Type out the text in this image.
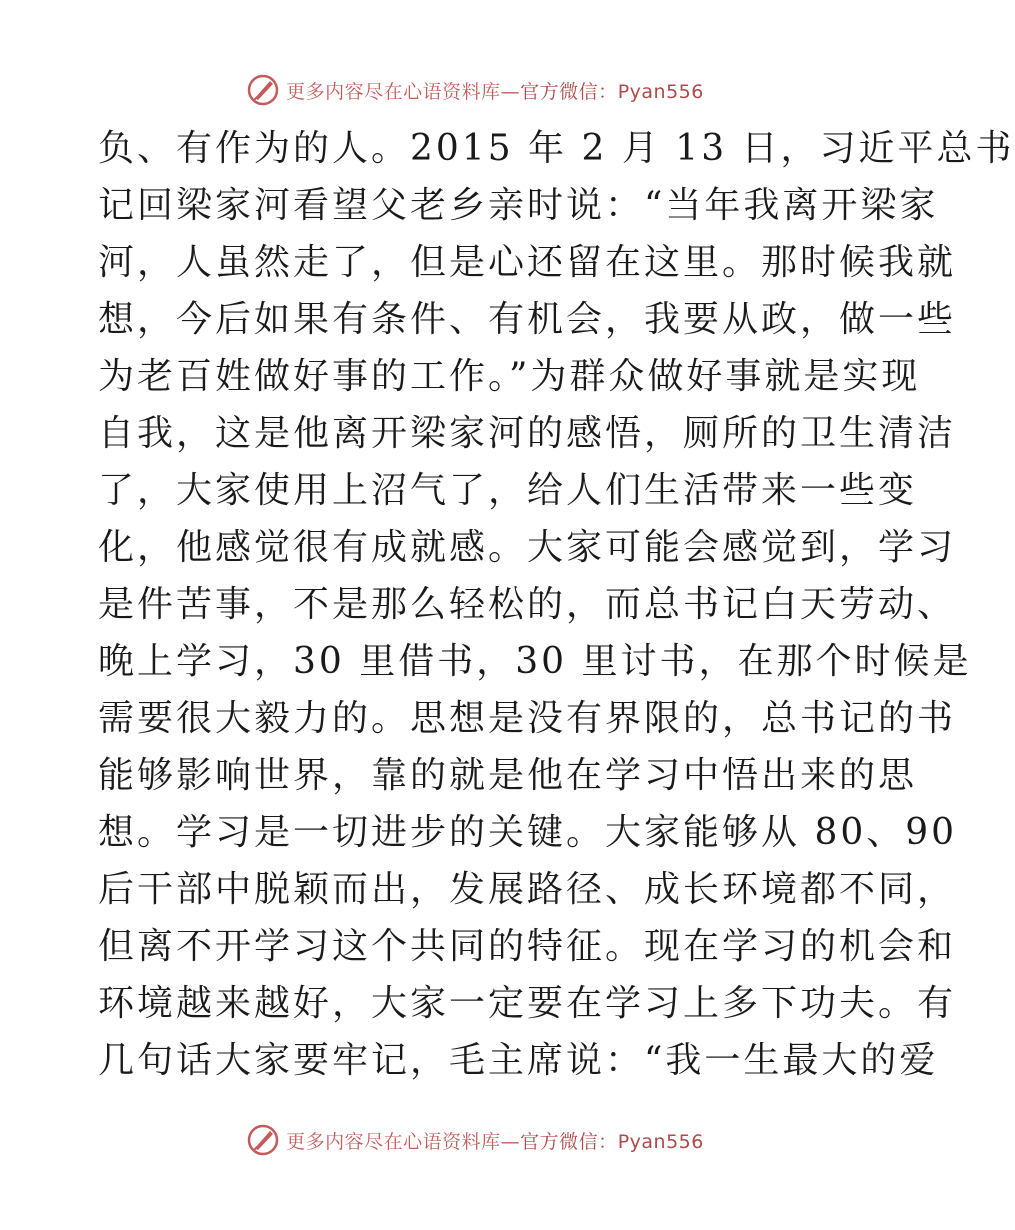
更多内容尽在心语资料库—官方微信：Pyan556
负、有作为的人。2015 年 2 月 13 日，习近平总书
记回梁家河看望父老乡亲时说：“当年我离开梁家
河，人虽然走了，但是心还留在这里。那时候我就
想，今后如果有条件、有机会，我要从政，做一些
为老百姓做好事的工作。”为群众做好事就是实现
自我，这是他离开梁家河的感悟，厕所的卫生清洁
了，大家使用上沼气了，给人们生活带来一些变
化，他感觉很有成就感。大家可能会感觉到，学习
是件苦事，不是那么轻松的，而总书记白天劳动、
晚上学习，30 里借书，30 里讨书，在那个时候是
需要很大毅力的。思想是没有界限的，总书记的书
能够影响世界，靠的就是他在学习中悟出来的思
想。学习是一切进步的关键。大家能够从 80、90
后干部中脱颖而出，发展路径、成长环境都不同，
但离不开学习这个共同的特征。现在学习的机会和
环境越来越好，大家一定要在学习上多下功夫。有
几句话大家要牢记，毛主席说：“我一生最大的爱
更多内容尽在心语资料库—官方微信：Pyan556
